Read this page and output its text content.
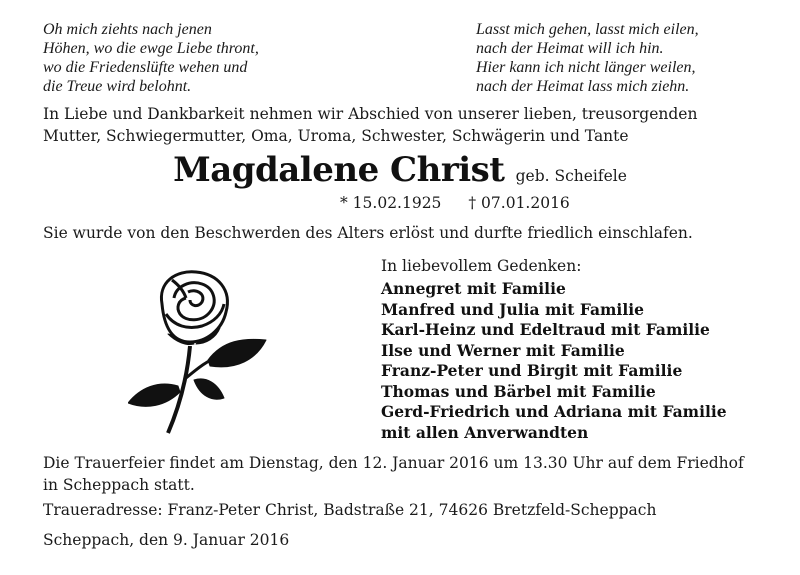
Oh mich ziehts nach jenen
Höhen, wo die ewge Liebe thront,
wo die Friedenslüfte wehen und
die Treue wird belohnt.
Lasst mich gehen, lasst mich eilen,
nach der Heimat will ich hin.
Hier kann ich nicht länger weilen,
nach der Heimat lass mich ziehn.
In Liebe und Dankbarkeit nehmen wir Abschied von unserer lieben, treusorgenden
Mutter, Schwiegermutter, Oma, Uroma, Schwester, Schwägerin und Tante
Magdalene Christ geb. Scheifele
* 15.02.1925 † 07.01.2016
Sie wurde von den Beschwerden des Alters erlöst und durfte friedlich einschlafen.
In liebevollem Gedenken:
Annegret mit Familie
Manfred und Julia mit Familie
Karl-Heinz und Edeltraud mit Familie
Ilse und Werner mit Familie
Franz-Peter und Birgit mit Familie
Thomas und Bärbel mit Familie
Gerd-Friedrich und Adriana mit Familie
mit allen Anverwandten
Die Trauerfeier findet am Dienstag, den 12. Januar 2016 um 13.30 Uhr auf dem Friedhof
in Scheppach statt.
Traueradresse: Franz-Peter Christ, Badstraße 21, 74626 Bretzfeld-Scheppach
Scheppach, den 9. Januar 2016
